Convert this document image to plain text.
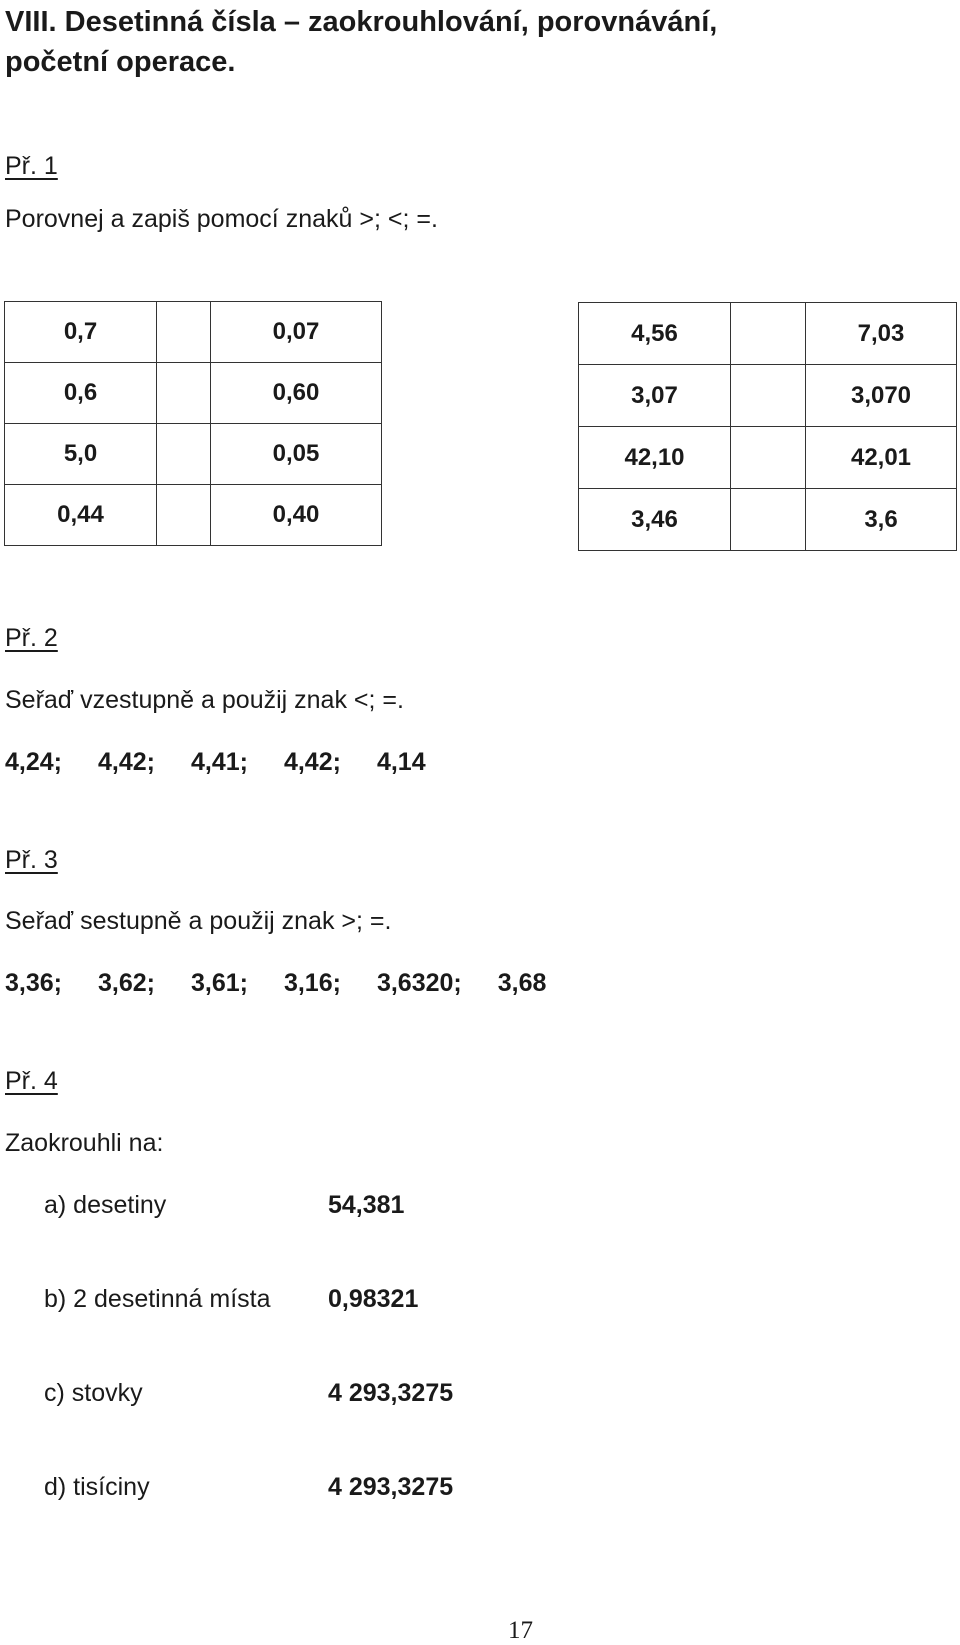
VIII. Desetinná čísla – zaokrouhlování, porovnávání,
početní operace.
Př. 1
Porovnej a zapiš pomocí znaků >; <; =.
0,7		0,07
0,6		0,60
5,0		0,05
0,44		0,40
4,56		7,03
3,07		3,070
42,10		42,01
3,46		3,6
Př. 2
Seřaď vzestupně a použij znak <; =.
4,24; 4,42; 4,41; 4,42; 4,14
Př. 3
Seřaď sestupně a použij znak >; =.
3,36; 3,62; 3,61; 3,16; 3,6320; 3,68
Př. 4
Zaokrouhli na:
a) desetiny	54,381
b) 2 desetinná místa 0,98321
c) stovky	4 293,3275
d) tisíciny	4 293,3275
17
